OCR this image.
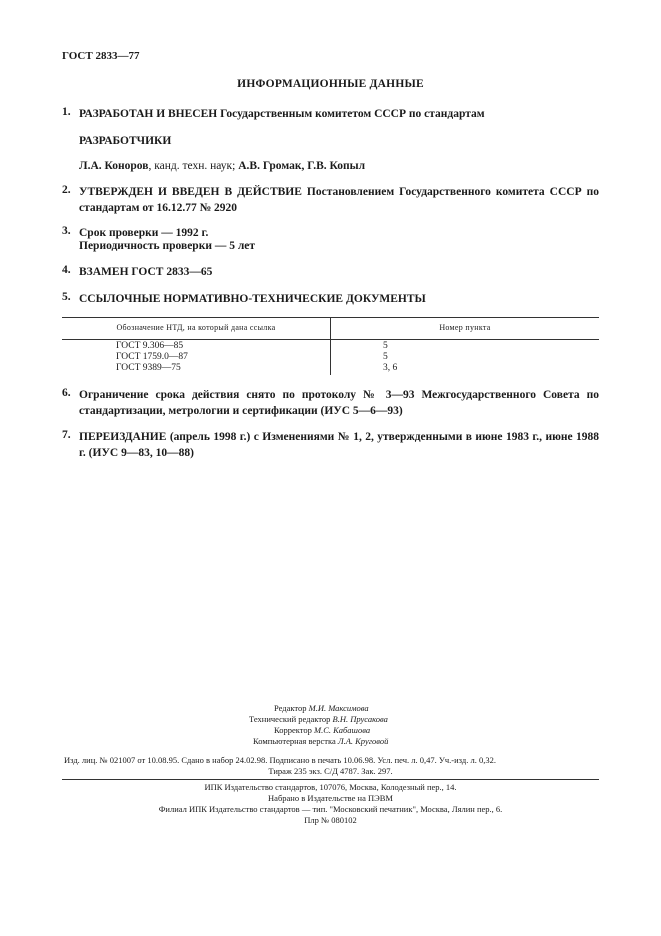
ГОСТ 2833—77
ИНФОРМАЦИОННЫЕ ДАННЫЕ
1. РАЗРАБОТАН И ВНЕСЕН Государственным комитетом СССР по стандартам
РАЗРАБОТЧИКИ
Л.А. Коноров, канд. техн. наук; А.В. Громак, Г.В. Копыл
2. УТВЕРЖДЕН И ВВЕДЕН В ДЕЙСТВИЕ Постановлением Государственного комитета СССР по стандартам от 16.12.77 № 2920
3. Срок проверки — 1992 г.
Периодичность проверки — 5 лет
4. ВЗАМЕН ГОСТ 2833—65
5. ССЫЛОЧНЫЕ НОРМАТИВНО-ТЕХНИЧЕСКИЕ ДОКУМЕНТЫ
Обозначение НТД, на который дана ссылка	Номер пункта
ГОСТ 9.306—85	5
ГОСТ 1759.0—87	5
ГОСТ 9389—75	3, 6
6. Ограничение срока действия снято по протоколу № 3—93 Межгосударственного Совета по стандартизации, метрологии и сертификации (ИУС 5—6—93)
7. ПЕРЕИЗДАНИЕ (апрель 1998 г.) с Изменениями № 1, 2, утвержденными в июне 1983 г., июне 1988 г. (ИУС 9—83, 10—88)
Редактор М.И. Максимова
Технический редактор В.Н. Прусакова
Корректор М.С. Кабашова
Компьютерная верстка Л.А. Круговой
Изд. лиц. № 021007 от 10.08.95. Сдано в набор 24.02.98. Подписано в печать 10.06.98. Усл. печ. л. 0,47. Уч.-изд. л. 0,32.
Тираж 235 экз. С/Д 4787. Зак. 297.
ИПК Издательство стандартов, 107076, Москва, Колодезный пер., 14.
Набрано в Издательстве на ПЭВМ
Филиал ИПК Издательство стандартов — тип. "Московский печатник", Москва, Лялин пер., 6.
Плр № 080102
